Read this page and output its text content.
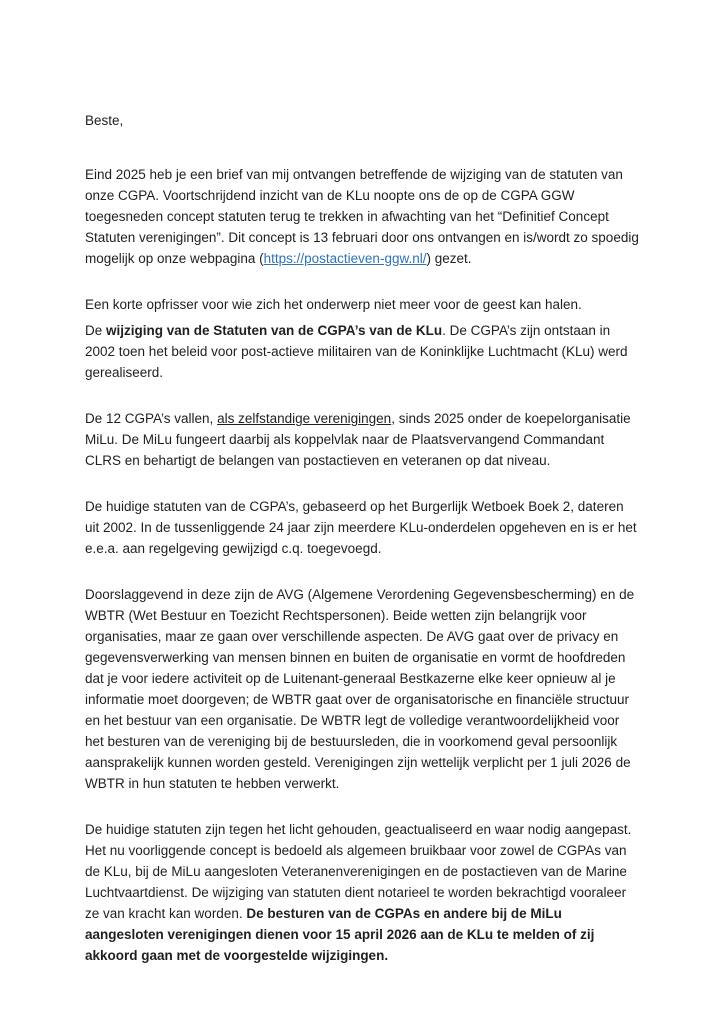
Beste,

Eind 2025 heb je een brief van mij ontvangen betreffende de wijziging van de statuten van onze CGPA. Voortschrijdend inzicht van de KLu noopte ons de op de CGPA GGW toegesneden concept statuten terug te trekken in afwachting van het “Definitief Concept Statuten verenigingen”. Dit concept is 13 februari door ons ontvangen en is/wordt zo spoedig mogelijk op onze webpagina (https://postactieven-ggw.nl/) gezet.

Een korte opfrisser voor wie zich het onderwerp niet meer voor de geest kan halen.

De wijziging van de Statuten van de CGPA’s van de KLu. De CGPA’s zijn ontstaan in 2002 toen het beleid voor post-actieve militairen van de Koninklijke Luchtmacht (KLu) werd gerealiseerd.

De 12 CGPA’s vallen, als zelfstandige verenigingen, sinds 2025 onder de koepelorganisatie MiLu. De MiLu fungeert daarbij als koppelvlak naar de Plaatsvervangend Commandant CLRS en behartigt de belangen van postactieven en veteranen op dat niveau.

De huidige statuten van de CGPA’s, gebaseerd op het Burgerlijk Wetboek Boek 2, dateren uit 2002. In de tussenliggende 24 jaar zijn meerdere KLu-onderdelen opgeheven en is er het e.e.a. aan regelgeving gewijzigd c.q. toegevoegd.

Doorslaggevend in deze zijn de AVG (Algemene Verordening Gegevensbescherming) en de WBTR (Wet Bestuur en Toezicht Rechtspersonen). Beide wetten zijn belangrijk voor organisaties, maar ze gaan over verschillende aspecten. De AVG gaat over de privacy en gegevensverwerking van mensen binnen en buiten de organisatie en vormt de hoofdreden dat je voor iedere activiteit op de Luitenant-generaal Bestkazerne elke keer opnieuw al je informatie moet doorgeven; de WBTR gaat over de organisatorische en financiële structuur en het bestuur van een organisatie. De WBTR legt de volledige verantwoordelijkheid voor het besturen van de vereniging bij de bestuursleden, die in voorkomend geval persoonlijk aansprakelijk kunnen worden gesteld. Verenigingen zijn wettelijk verplicht per 1 juli 2026 de WBTR in hun statuten te hebben verwerkt.

De huidige statuten zijn tegen het licht gehouden, geactualiseerd en waar nodig aangepast. Het nu voorliggende concept is bedoeld als algemeen bruikbaar voor zowel de CGPAs van de KLu, bij de MiLu aangesloten Veteranenverenigingen en de postactieven van de Marine Luchtvaartdienst. De wijziging van statuten dient notarieel te worden bekrachtigd vooraleer ze van kracht kan worden. De besturen van de CGPAs en andere bij de MiLu aangesloten verenigingen dienen voor 15 april 2026 aan de KLu te melden of zij akkoord gaan met de voorgestelde wijzigingen.
